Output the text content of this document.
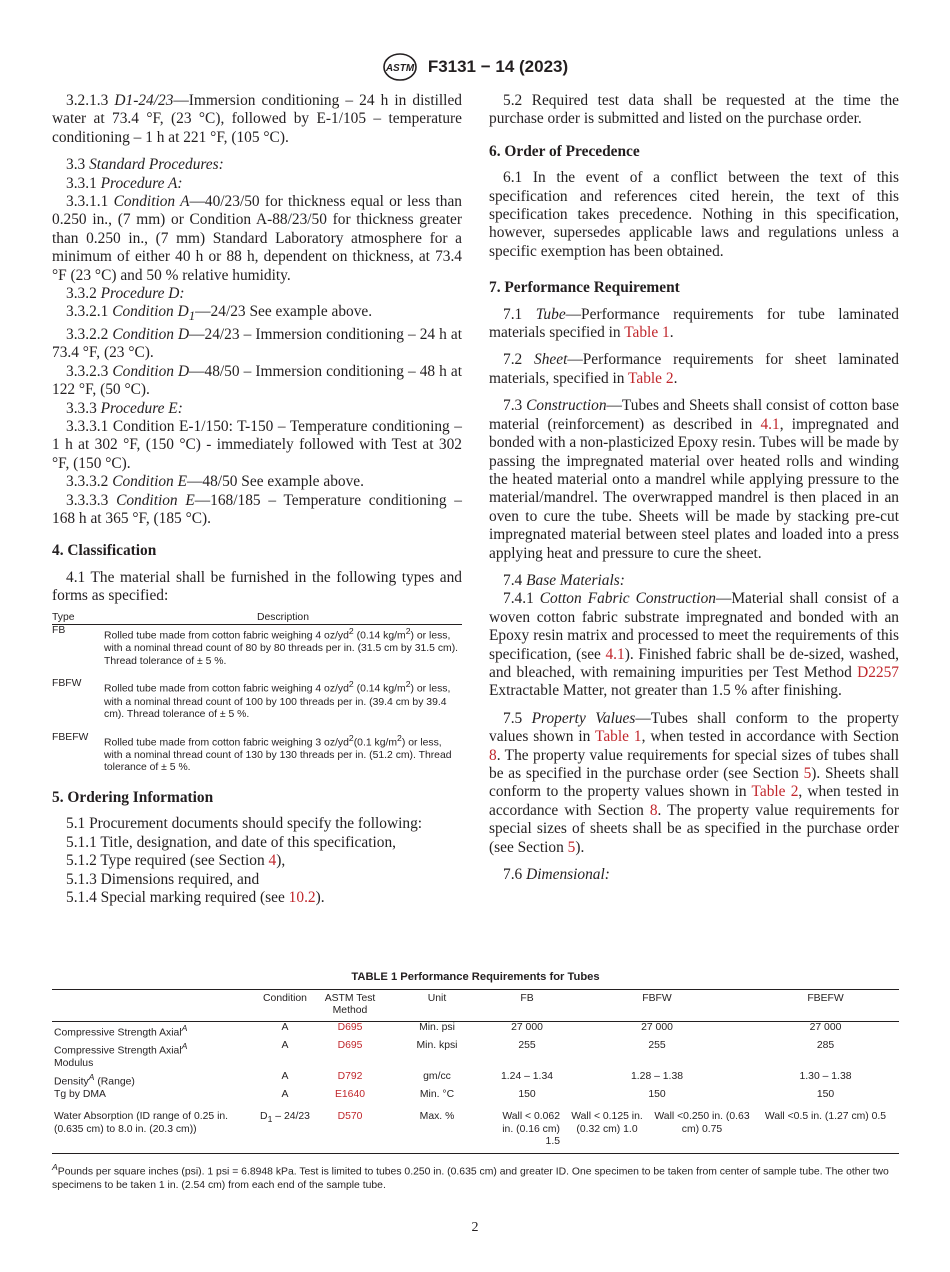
ASTM F3131 − 14 (2023)

3.2.1.3 D1-24/23—Immersion conditioning – 24 h in distilled water at 73.4 °F, (23 °C), followed by E-1/105 – temperature conditioning – 1 h at 221 °F, (105 °C).

3.3 Standard Procedures:

3.3.1 Procedure A:

3.3.1.1 Condition A—40/23/50 for thickness equal or less than 0.250 in., (7 mm) or Condition A-88/23/50 for thickness greater than 0.250 in., (7 mm) Standard Laboratory atmosphere for a minimum of either 40 h or 88 h, dependent on thickness, at 73.4 °F (23 °C) and 50 % relative humidity.

3.3.2 Procedure D:

3.3.2.1 Condition $D_1—24/23$ See example above.

3.3.2.2 Condition D—24/23 – Immersion conditioning – 24 h at 73.4 °F, (23 °C).

3.3.2.3 Condition D—48/50 – Immersion conditioning – 48 h at 122 °F, (50 °C).

3.3.3 Procedure E:

3.3.3.1 Condition E-1/150: T-150 – Temperature conditioning – 1 h at 302 °F, (150 °C) - immediately followed with Test at 302 °F, (150 °C).

3.3.3.2 Condition E—48/50 See example above.

3.3.3.3 Condition E—168/185 – Temperature conditioning – 168 h at 365 °F, (185 °C).

4. Classification

4.1 The material shall be furnished in the following types and forms as specified:

Type	Description
FB	Rolled tube made from cotton fabric weighing 4 $oz/yd^2$ (0.14 $kg/m^2$) or less, with a nominal thread count of 80 by 80 threads per in. (31.5 cm by 31.5 cm). Thread tolerance of ± 5 %.
FBFW	Rolled tube made from cotton fabric weighing 4 $oz/yd^2$ (0.14 $kg/m^2$) or less, with a nominal thread count of 100 by 100 threads per in. (39.4 cm by 39.4 cm). Thread tolerance of ± 5 %.
FBEFW	Rolled tube made from cotton fabric weighing 3 $oz/yd^2(0.1$ $kg/m^2$) or less, with a nominal thread count of 130 by 130 threads per in. (51.2 cm). Thread tolerance of ± 5 %.
5. Ordering Information

5.1 Procurement documents should specify the following:

5.1.1 Title, designation, and date of this specification,

5.1.2 Type required (see Section 4),

5.1.3 Dimensions required, and

5.1.4 Special marking required (see 10.2).

5.2 Required test data shall be requested at the time the purchase order is submitted and listed on the purchase order.

6. Order of Precedence

6.1 In the event of a conflict between the text of this specification and references cited herein, the text of this specification takes precedence. Nothing in this specification, however, supersedes applicable laws and regulations unless a specific exemption has been obtained.

7. Performance Requirement

7.1 Tube—Performance requirements for tube laminated materials specified in Table 1.

7.2 Sheet—Performance requirements for sheet laminated materials, specified in Table 2.

7.3 Construction—Tubes and Sheets shall consist of cotton base material (reinforcement) as described in 4.1, impregnated and bonded with a non-plasticized Epoxy resin. Tubes will be made by passing the impregnated material over heated rolls and winding the heated material onto a mandrel while applying pressure to the material/mandrel. The overwrapped mandrel is then placed in an oven to cure the tube. Sheets will be made by stacking pre-cut impregnated material between steel plates and loaded into a press applying heat and pressure to cure the sheet.

7.4 Base Materials:

7.4.1 Cotton Fabric Construction—Material shall consist of a woven cotton fabric substrate impregnated and bonded with an Epoxy resin matrix and processed to meet the requirements of this specification, (see 4.1). Finished fabric shall be de-sized, washed, and bleached, with remaining impurities per Test Method D2257 Extractable Matter, not greater than 1.5 % after finishing.

7.5 Property Values—Tubes shall conform to the property values shown in Table 1, when tested in accordance with Section 8. The property value requirements for special sizes of tubes shall be as specified in the purchase order (see Section 5). Sheets shall conform to the property values shown in Table 2, when tested in accordance with Section 8. The property value requirements for special sizes of sheets shall be as specified in the purchase order (see Section 5).

7.6 Dimensional:

TABLE 1 Performance Requirements for Tubes
	Condition	ASTM Test Method	Unit	FB	FBFW		FBEFW
Compressive Strength Axial$^A$	A	D695	Min. psi	27 000	27 000		27 000
Compressive Strength Axial$^A$
Modulus	A	D695	Min. kpsi	255	255		285
Density$^A$ (Range)	A	D792	gm/cc	1.24 – 1.34	1.28 – 1.38		1.30 – 1.38
Tg by DMA	A	E1640	Min. °C	150	150		150
Water Absorption (ID range of 0.25 in. (0.635 cm) to 8.0 in. (20.3 cm))	$D_1 - 24/23$	D570	Max. %	Wall < 0.062 in. (0.16 cm) 1.5	Wall < 0.125 in. (0.32 cm) 1.0	Wall <0.250 in. (0.63 cm) 0.75	Wall <0.5 in. (1.27 cm) 0.5
$^A$Pounds per square inches (psi). 1 psi = 6.8948 kPa. Test is limited to tubes 0.250 in. (0.635 cm) and greater ID. One specimen to be taken from center of sample tube. The other two specimens to be taken 1 in. (2.54 cm) from each end of the sample tube.
2
